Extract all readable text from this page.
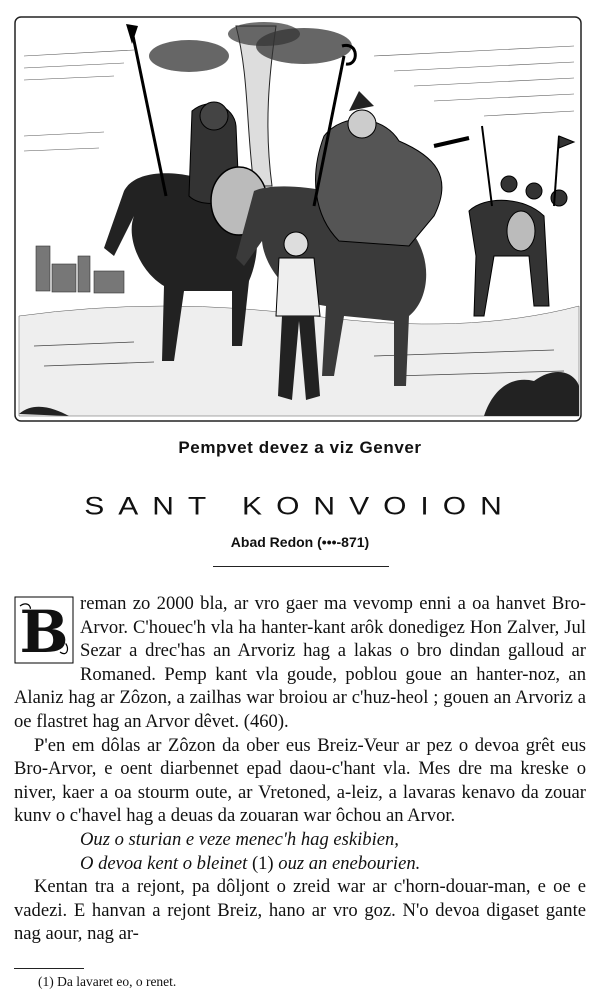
Pempvet devez a viz Genver
SANT KONVOION
Abad Redon (•••-871)

B reman zo 2000 bla, ar vro gaer ma vevomp enni a oa hanvet Bro-Arvor. C'houec'h vla ha hanter-kant arôk donedigez Hon Zalver, Jul Sezar a drec'has an Arvoriz hag a lakas o bro dindan galloud ar Romaned. Pemp kant vla goude, poblou goue an hanter-noz, an Alaniz hag ar Zôzon, a zailhas war broiou ar c'huz-heol ; gouen an Arvoriz a oe flastret hag an Arvor dêvet. (460).

P'en em dôlas ar Zôzon da ober eus Breiz-Veur ar pez o devoa grêt eus Bro-Arvor, e oent diarbennet epad daou-c'hant vla. Mes dre ma kreske o niver, kaer a oa stourm oute, ar Vretoned, a-leiz, a lavaras kenavo da zouar kunv o c'havel hag a deuas da zouaran war ôchou an Arvor.

Ouz o sturian e veze menec'h hag eskibien,
O devoa kent o bleinet (1) ouz an enebourien.

Kentan tra a rejont, pa dôljont o zreid war ar c'horn-douar-man, e oe e vadezi. E hanvan a rejont Breiz, hano ar vro goz. N'o devoa digaset gante nag aour, nag ar-

(1) Da lavaret eo, o renet.
